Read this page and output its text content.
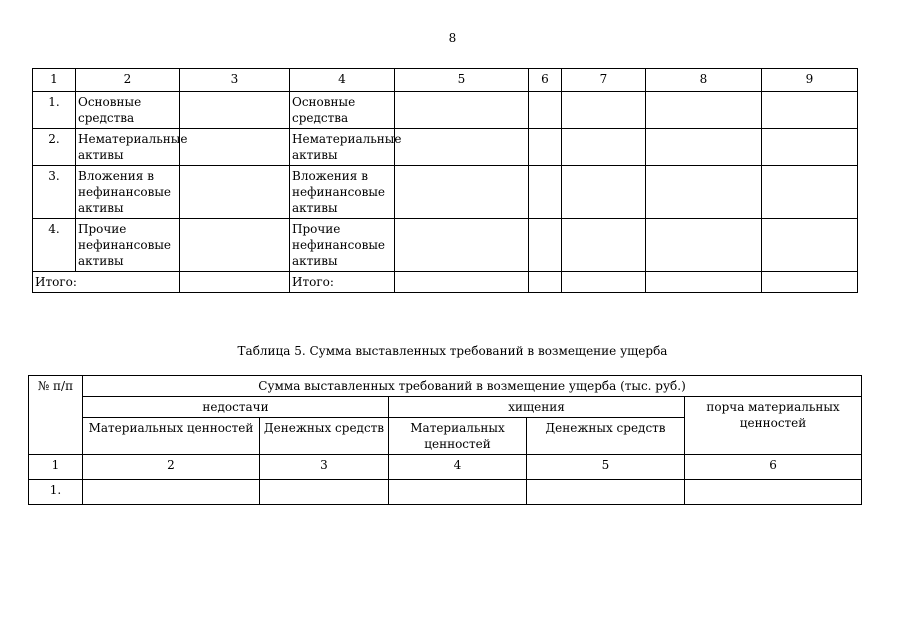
8
1	2	3	4	5	6	7	8	9
1.	Основные средства		Основные средства					
2.	Нематериальные активы		Нематериальные активы					
3.	Вложения в нефинансовые активы		Вложения в нефинансовые активы					
4.	Прочие нефинансовые активы		Прочие нефинансовые активы					
Итого:			Итого:					
Таблица 5. Сумма выставленных требований в возмещение ущерба
№ п/п	Сумма выставленных требований в возмещение ущерба (тыс. руб.)				
	недостачи		хищения		порча материальных ценностей
	Материальных ценностей	Денежных средств	Материальных ценностей	Денежных средств	
1	2	3	4	5	6
1.					
